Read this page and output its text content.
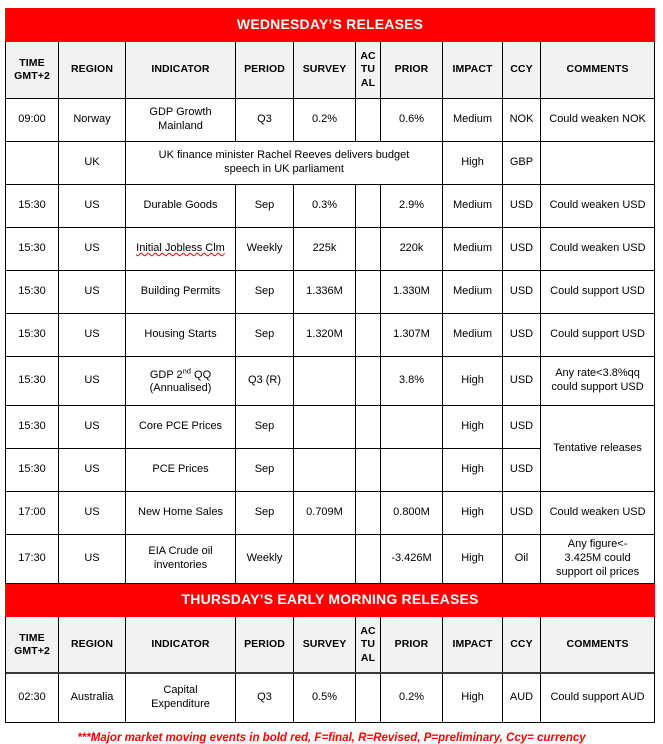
WEDNESDAY’S RELEASES									
TIME
GMT+2	REGION	INDICATOR	PERIOD	SURVEY	AC
TU
AL	PRIOR	IMPACT	CCY	COMMENTS
09:00	Norway	GDP Growth
Mainland	Q3	0.2%		0.6%	Medium	NOK	Could weaken NOK
	UK	UK finance minister Rachel Reeves delivers budget
speech in UK parliament					High	GBP	
15:30	US	Durable Goods	Sep	0.3%		2.9%	Medium	USD	Could weaken USD
15:30	US	Initial Jobless Clm	Weekly	225k		220k	Medium	USD	Could weaken USD
15:30	US	Building Permits	Sep	1.336M		1.330M	Medium	USD	Could support USD
15:30	US	Housing Starts	Sep	1.320M		1.307M	Medium	USD	Could support USD
15:30	US	GDP 2nd QQ
(Annualised)	Q3 (R)			3.8%	High	USD	Any rate<3.8%qq
could support USD
15:30	US	Core PCE Prices	Sep				High	USD	Tentative releases
15:30	US	PCE Prices	Sep				High	USD	
17:00	US	New Home Sales	Sep	0.709M		0.800M	High	USD	Could weaken USD
17:30	US	EIA Crude oil
inventories	Weekly			-3.426M	High	Oil	Any figure<-
3.425M could
support oil prices
THURSDAY’S EARLY MORNING RELEASES									
TIME
GMT+2	REGION	INDICATOR	PERIOD	SURVEY	AC
TU
AL	PRIOR	IMPACT	CCY	COMMENTS
02:30	Australia	Capital
Expenditure	Q3	0.5%		0.2%	High	AUD	Could support AUD
***Major market moving events in bold red, F=final, R=Revised, P=preliminary, Ccy= currency
